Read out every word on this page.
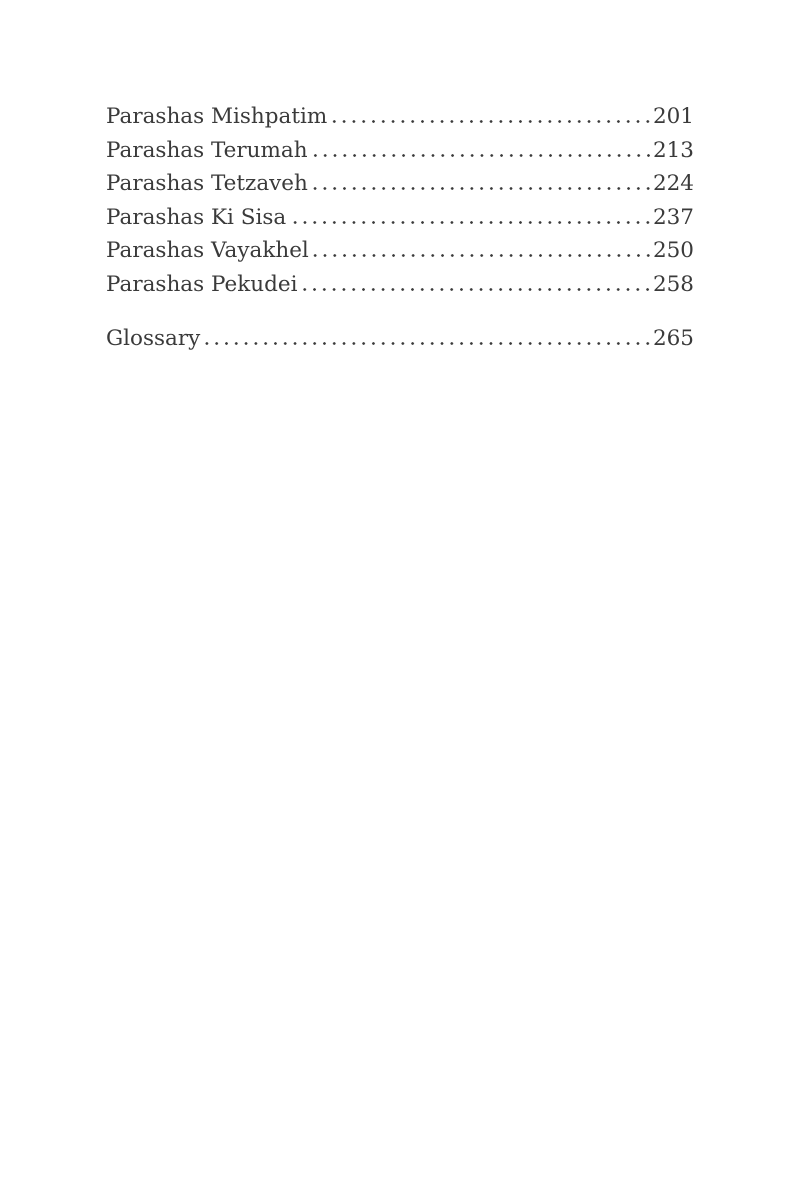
Parashas Mishpatim	201
Parashas Terumah	213
Parashas Tetzaveh	224
Parashas Ki Sisa	237
Parashas Vayakhel	250
Parashas Pekudei	258
Glossary	265
